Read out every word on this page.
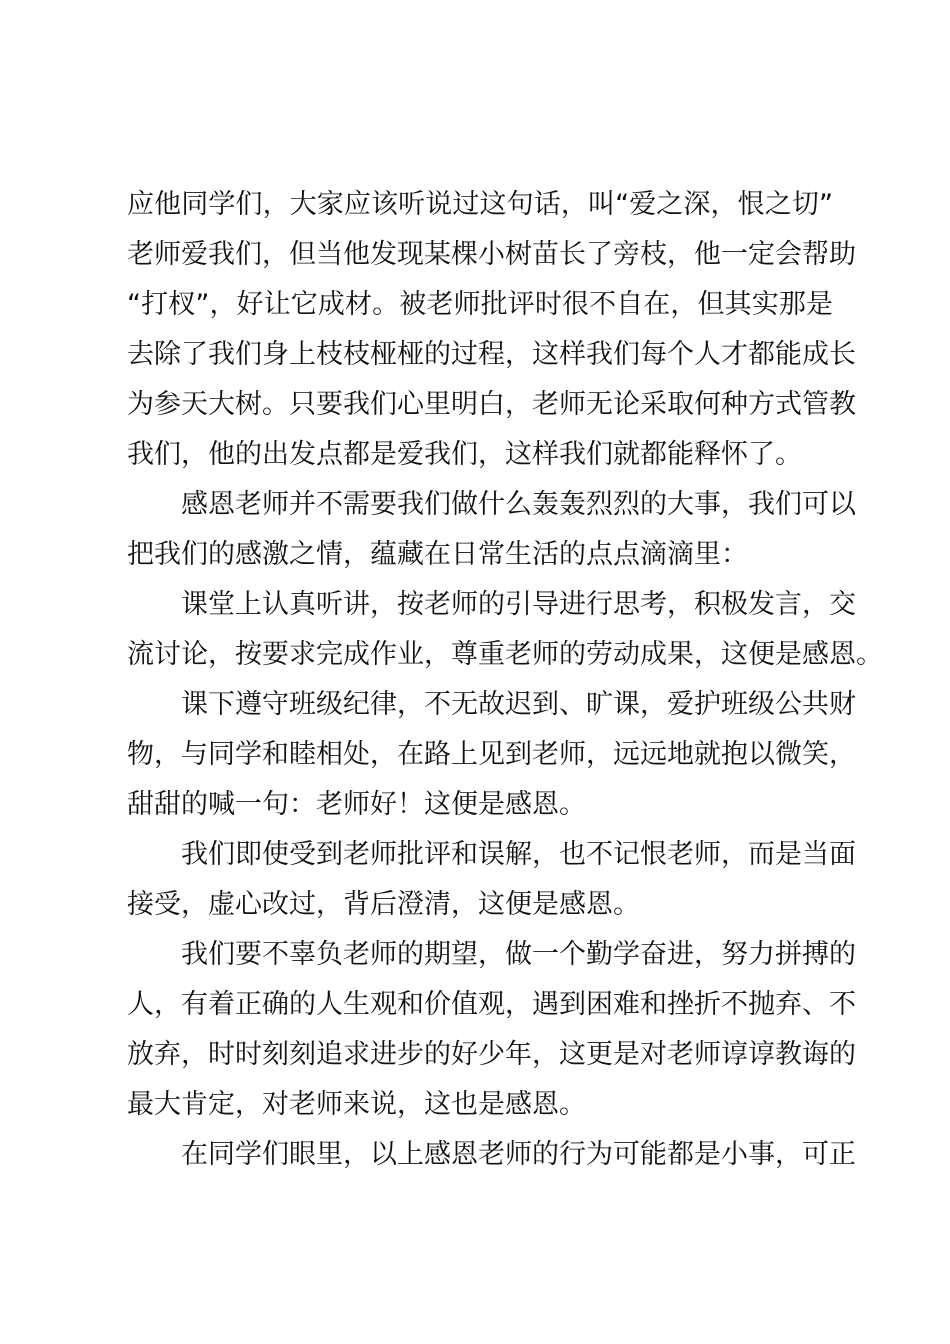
应他同学们，大家应该听说过这句话，叫“爱之深，恨之切”
老师爱我们，但当他发现某棵小树苗长了旁枝，他一定会帮助
“打杈”，好让它成材。被老师批评时很不自在，但其实那是
去除了我们身上枝枝桠桠的过程，这样我们每个人才都能成长
为参天大树。只要我们心里明白，老师无论采取何种方式管教
我们，他的出发点都是爱我们，这样我们就都能释怀了。
　　感恩老师并不需要我们做什么轰轰烈烈的大事，我们可以
把我们的感激之情，蕴藏在日常生活的点点滴滴里：
　　课堂上认真听讲，按老师的引导进行思考，积极发言，交
流讨论，按要求完成作业，尊重老师的劳动成果，这便是感恩。
　　课下遵守班级纪律，不无故迟到、旷课，爱护班级公共财
物，与同学和睦相处，在路上见到老师，远远地就抱以微笑，
甜甜的喊一句：老师好！这便是感恩。
　　我们即使受到老师批评和误解，也不记恨老师，而是当面
接受，虚心改过，背后澄清，这便是感恩。
　　我们要不辜负老师的期望，做一个勤学奋进，努力拼搏的
人，有着正确的人生观和价值观，遇到困难和挫折不抛弃、不
放弃，时时刻刻追求进步的好少年，这更是对老师谆谆教诲的
最大肯定，对老师来说，这也是感恩。
　　在同学们眼里，以上感恩老师的行为可能都是小事，可正
